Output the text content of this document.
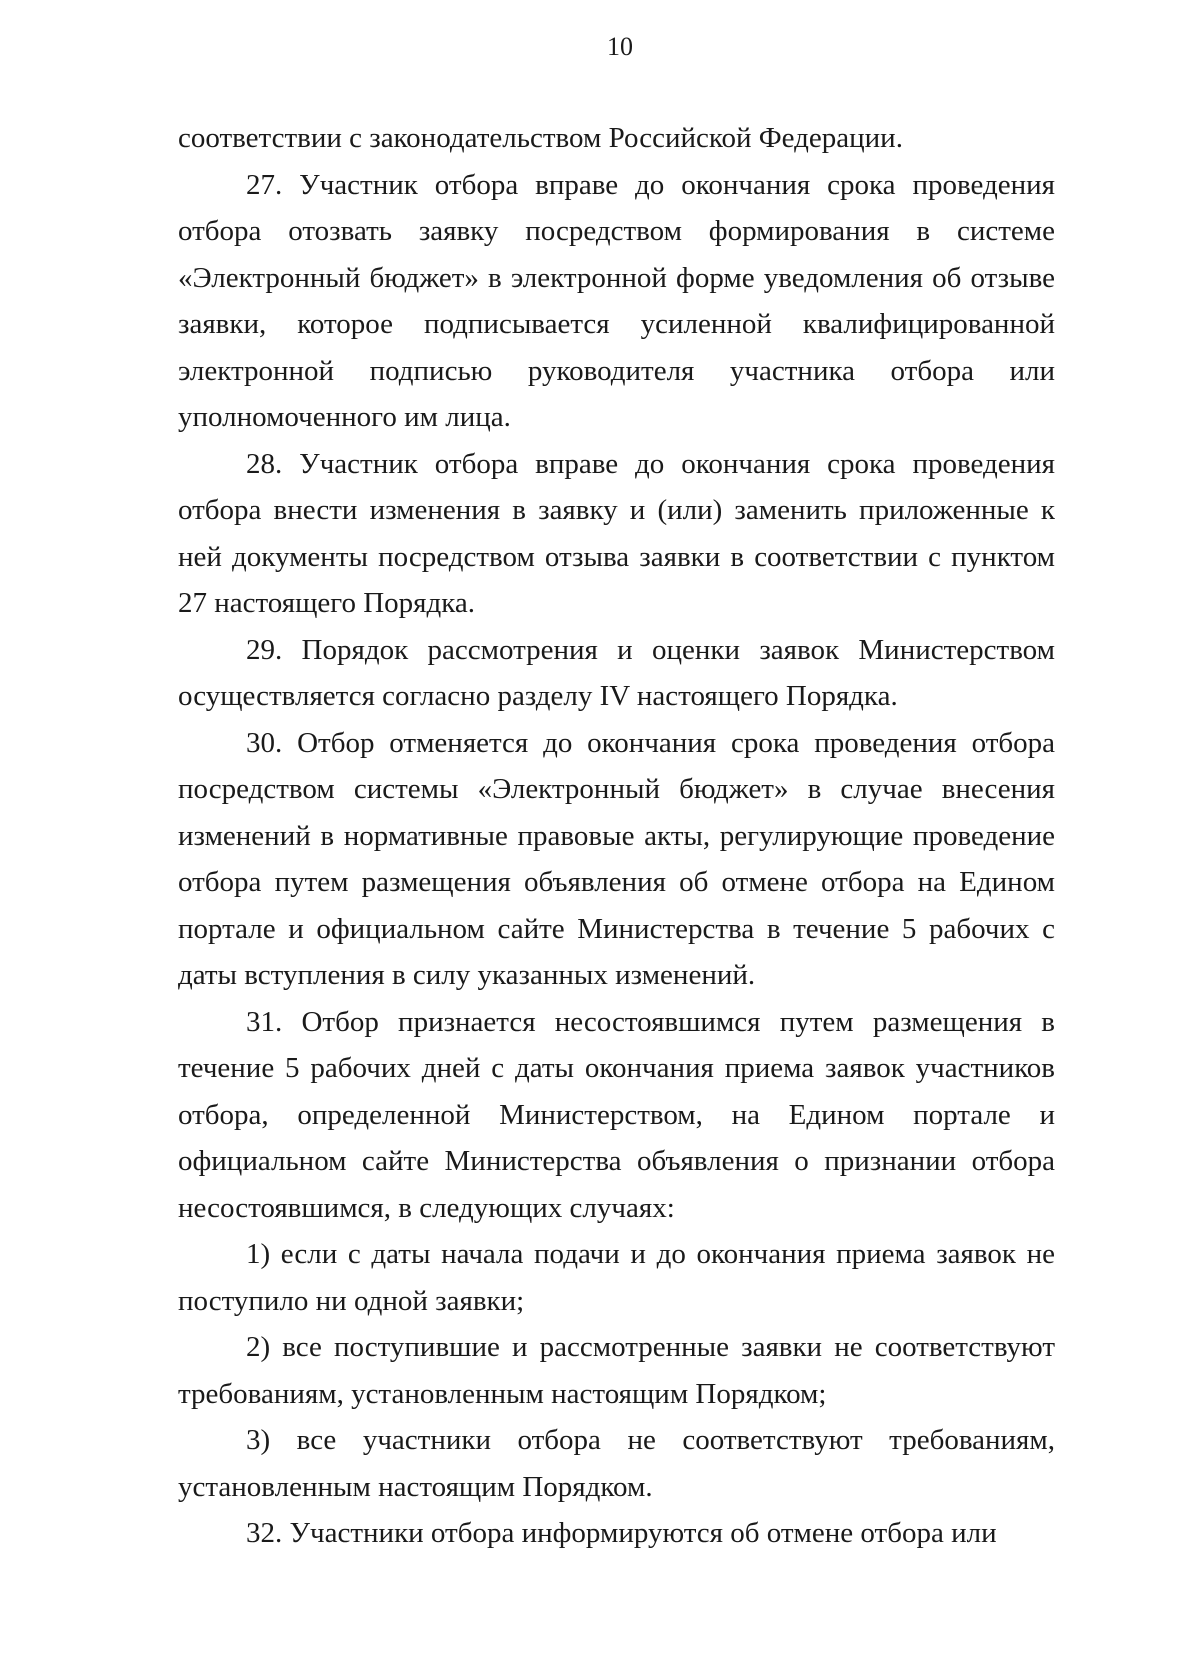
10

соответствии с законодательством Российской Федерации.

27. Участник отбора вправе до окончания срока проведения отбора отозвать заявку посредством формирования в системе «Электронный бюджет» в электронной форме уведомления об отзыве заявки, которое подписывается усиленной квалифицированной электронной подписью руководителя участника отбора или уполномоченного им лица.

28. Участник отбора вправе до окончания срока проведения отбора внести изменения в заявку и (или) заменить приложенные к ней документы посредством отзыва заявки в соответствии с пунктом 27 настоящего Порядка.

29. Порядок рассмотрения и оценки заявок Министерством осуществляется согласно разделу IV настоящего Порядка.

30. Отбор отменяется до окончания срока проведения отбора посредством системы «Электронный бюджет» в случае внесения изменений в нормативные правовые акты, регулирующие проведение отбора путем размещения объявления об отмене отбора на Едином портале и официальном сайте Министерства в течение 5 рабочих с даты вступления в силу указанных изменений.

31. Отбор признается несостоявшимся путем размещения в течение 5 рабочих дней с даты окончания приема заявок участников отбора, определенной Министерством, на Едином портале и официальном сайте Министерства объявления о признании отбора несостоявшимся, в следующих случаях:

1) если с даты начала подачи и до окончания приема заявок не поступило ни одной заявки;

2) все поступившие и рассмотренные заявки не соответствуют требованиям, установленным настоящим Порядком;

3) все участники отбора не соответствуют требованиям, установленным настоящим Порядком.

32. Участники отбора информируются об отмене отбора или
